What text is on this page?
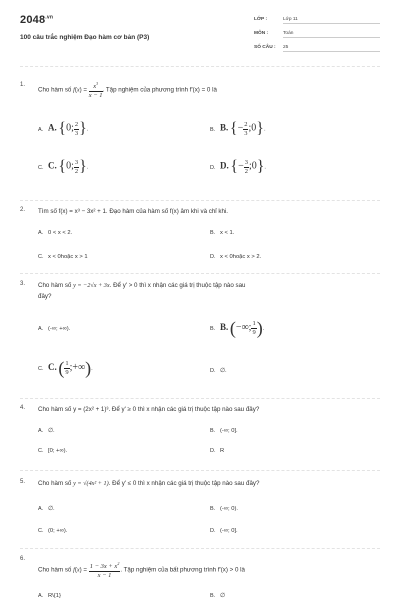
$2048^{.vn}$
100 câu trắc nghiệm Đạo hàm cơ bản (P3)
LỚP :	Lớp 11
MÔN :	Toán
SỐ CÂU : 25
1.
Cho hàm số $f(x) = \frac{x^3}{x - 1}$ . Tập nghiệm của phương trình f'(x) = 0 là
A. A. {0; $\frac{2}{3}$ }.	B. B. {− $\frac{2}{3}$ ;0}.
C. C. {0; $\frac{3}{2}$ }.	D. D. {− $\frac{3}{2}$ ;0}.
2. Tìm số f(x) = x³ − 3x² + 1. Đạo hàm của hàm số f(x) âm khi và chỉ khi.
A. 0 < x < 2.	B. x < 1.
C. x < 0hoặc x > 1	D. x < 0hoặc x > 2.
3. Cho hàm số y = −2√x + 3x. Để y' > 0 thì x nhận các giá trị thuộc tập nào sau
đây?
A. (-∞; +∞).	B. B. (−∞; $\frac{1}{9}$ ).
C. C. ( $\frac{1}{9}$ ;+∞).	D. ∅.
4. Cho hàm số y = (2x² + 1)³. Để y' ≥ 0 thì x nhận các giá trị thuộc tập nào sau đây?
A. ∅.	B. (-∞; 0].
C. [0; +∞).	D. R
5. Cho hàm số y = √(4x² + 1). Để y' ≤ 0 thì x nhận các giá trị thuộc tập nào sau đây?
A. ∅.	B. (-∞; 0).
C. (0; +∞).	D. (-∞; 0].
6.
Cho hàm số $f(x) = \frac{1 - 3x + x^2}{x - 1}$ . Tập nghiệm của bất phương trình f'(x) > 0 là
A. R\{1}	B. ∅
